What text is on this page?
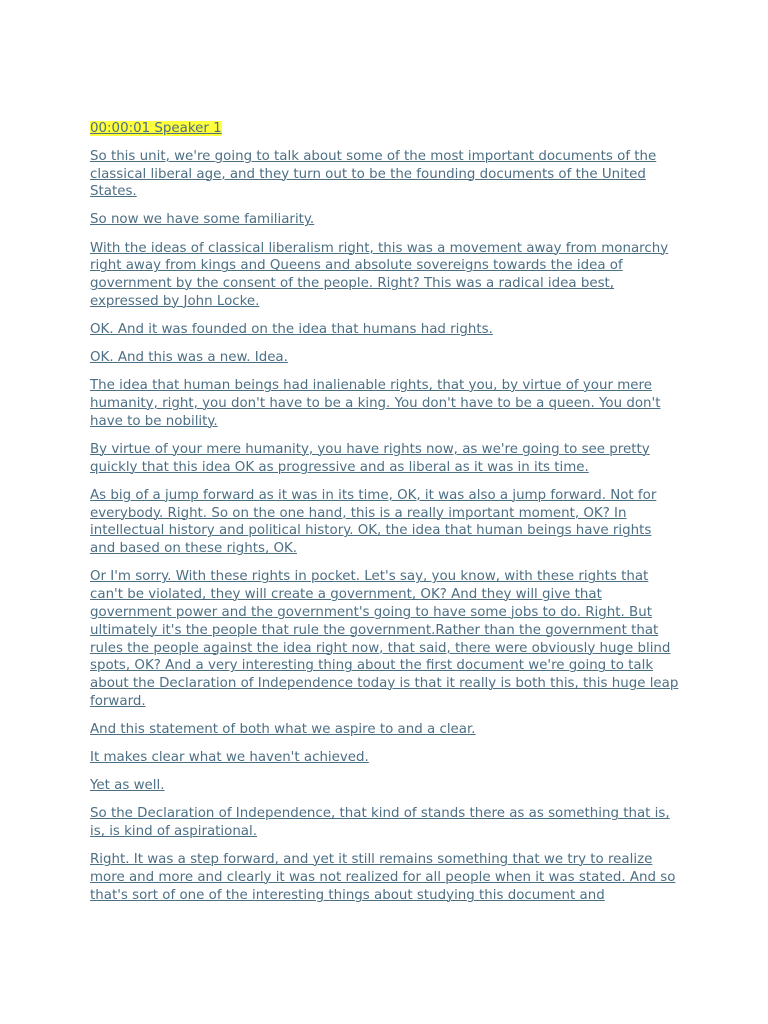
00:00:01 Speaker 1

So this unit, we're going to talk about some of the most important documents of the classical liberal age, and they turn out to be the founding documents of the United States.

So now we have some familiarity.

With the ideas of classical liberalism right, this was a movement away from monarchy right away from kings and Queens and absolute sovereigns towards the idea of government by the consent of the people. Right? This was a radical idea best, expressed by John Locke.

OK. And it was founded on the idea that humans had rights.

OK. And this was a new. Idea.

The idea that human beings had inalienable rights, that you, by virtue of your mere humanity, right, you don't have to be a king. You don't have to be a queen. You don't have to be nobility.

By virtue of your mere humanity, you have rights now, as we're going to see pretty quickly that this idea OK as progressive and as liberal as it was in its time.

As big of a jump forward as it was in its time, OK, it was also a jump forward. Not for everybody. Right. So on the one hand, this is a really important moment, OK? In intellectual history and political history. OK, the idea that human beings have rights and based on these rights, OK.

Or I'm sorry. With these rights in pocket. Let's say, you know, with these rights that can't be violated, they will create a government, OK? And they will give that government power and the government's going to have some jobs to do. Right. But ultimately it's the people that rule the government.Rather than the government that rules the people against the idea right now, that said, there were obviously huge blind spots, OK? And a very interesting thing about the first document we're going to talk about the Declaration of Independence today is that it really is both this, this huge leap forward.

And this statement of both what we aspire to and a clear.

It makes clear what we haven't achieved.

Yet as well.

So the Declaration of Independence, that kind of stands there as as something that is, is, is kind of aspirational.

Right. It was a step forward, and yet it still remains something that we try to realize more and more and clearly it was not realized for all people when it was stated. And so that's sort of one of the interesting things about studying this document and
